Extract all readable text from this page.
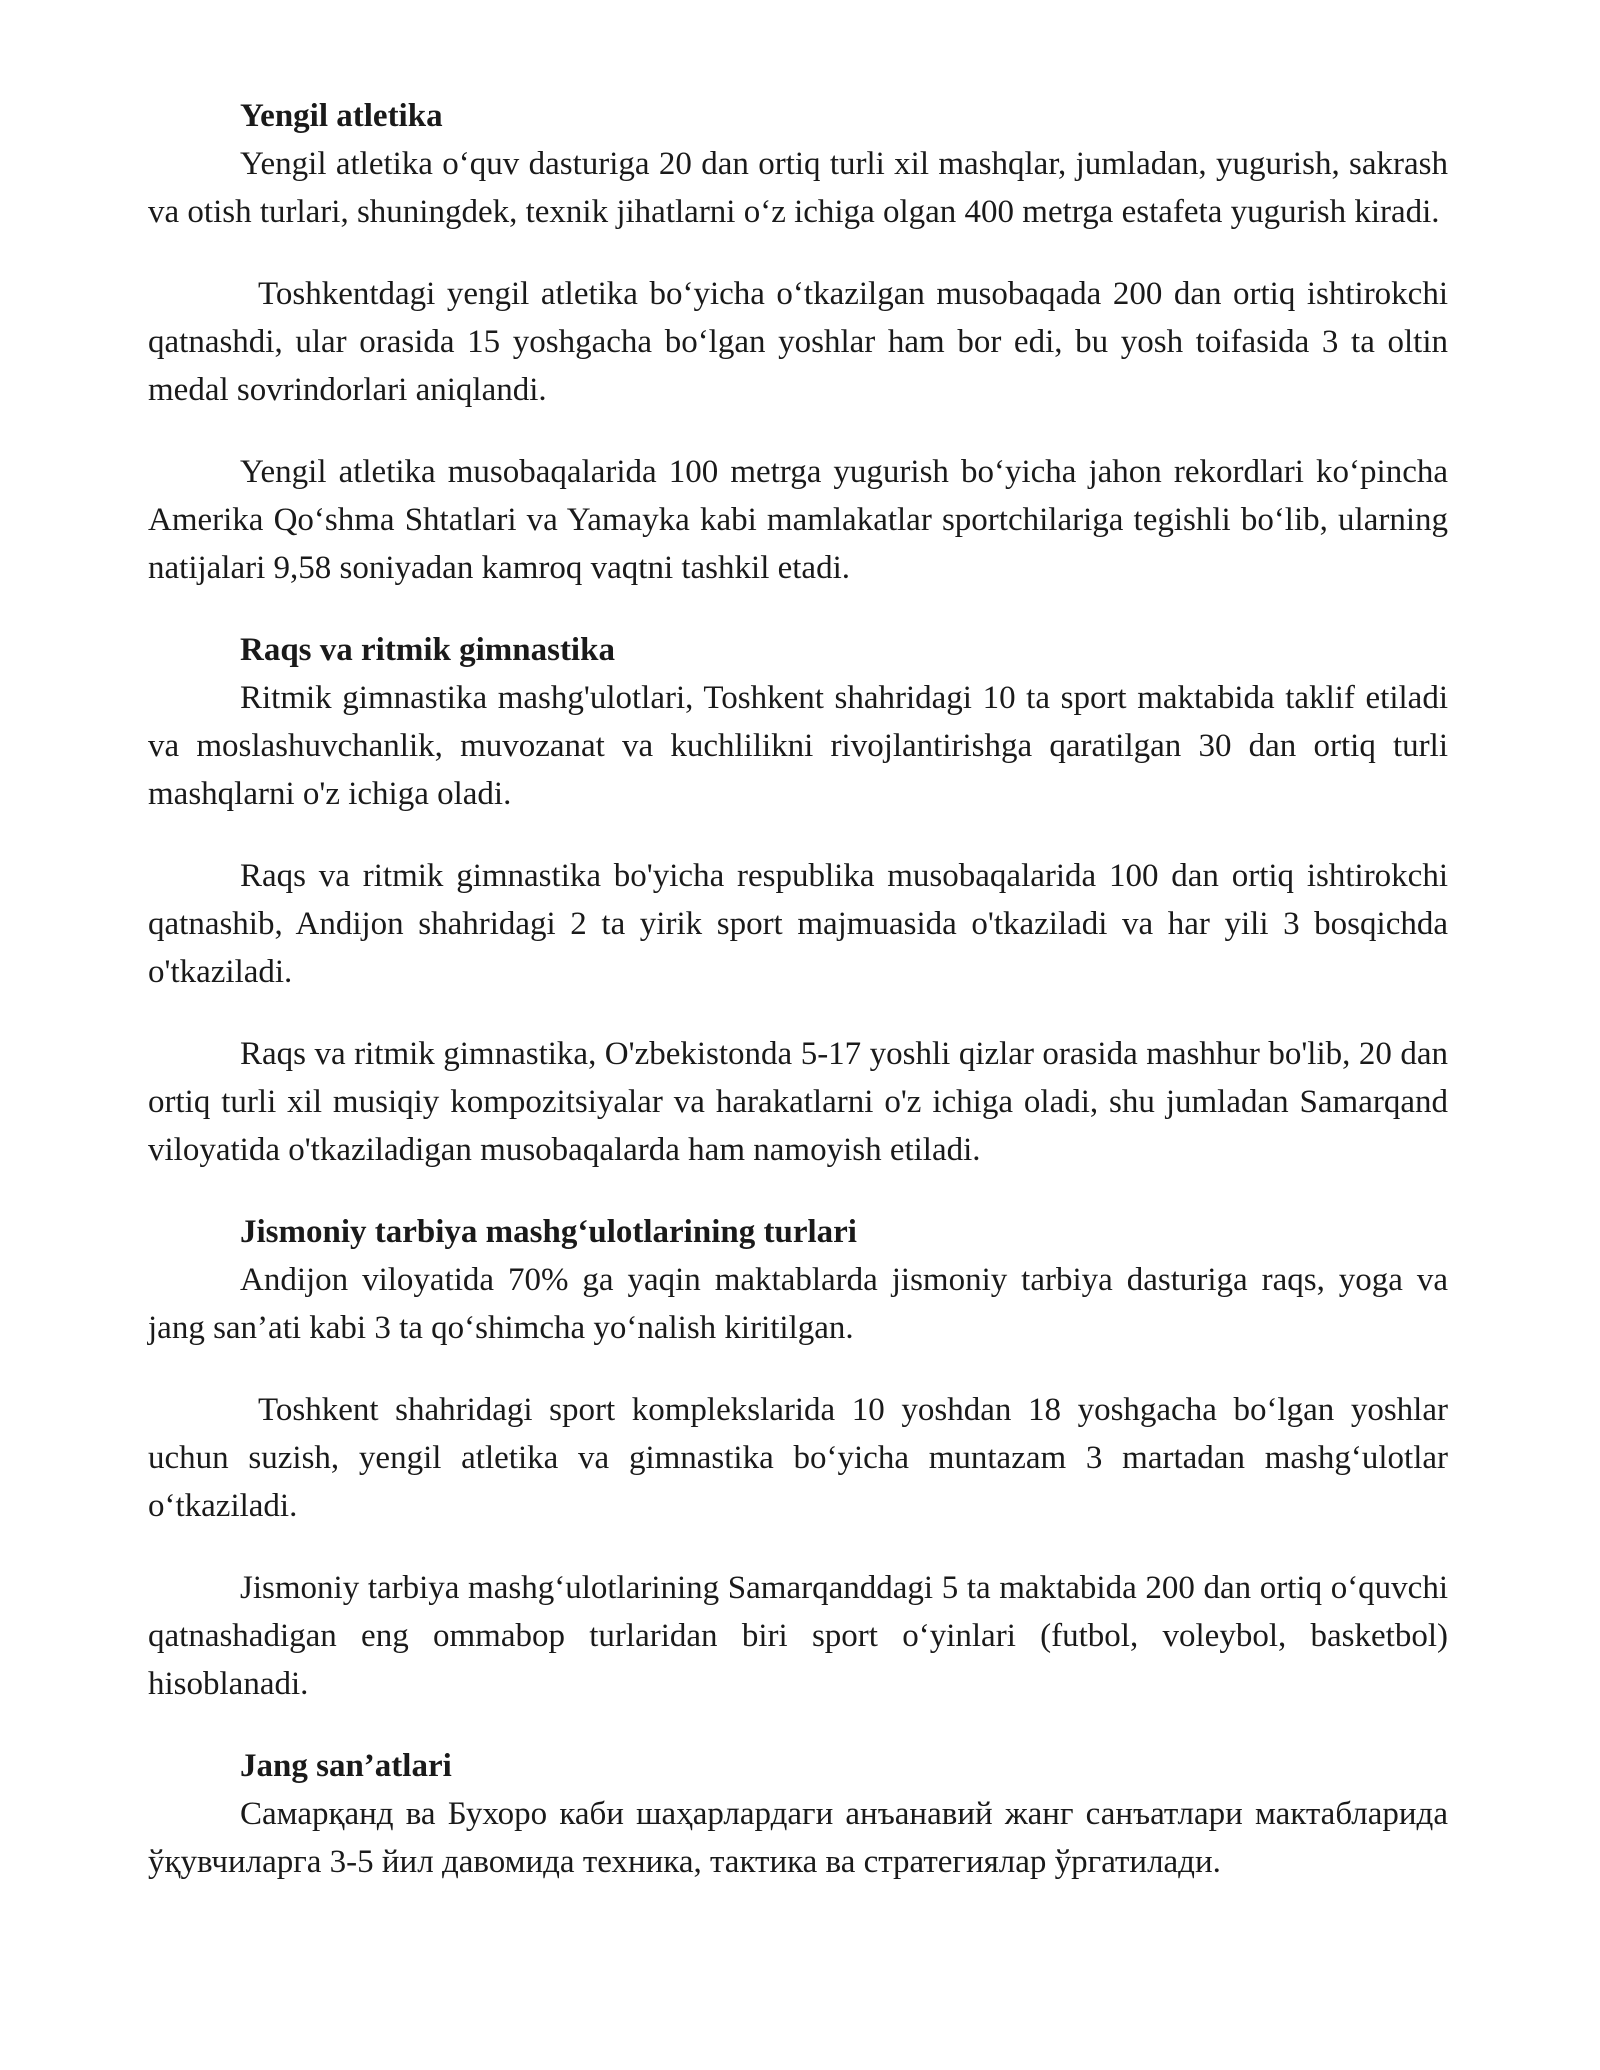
Yengil atletika

Yengil atletika o‘quv dasturiga 20 dan ortiq turli xil mashqlar, jumladan, yugurish, sakrash va otish turlari, shuningdek, texnik jihatlarni o‘z ichiga olgan 400 metrga estafeta yugurish kiradi.

Toshkentdagi yengil atletika bo‘yicha o‘tkazilgan musobaqada 200 dan ortiq ishtirokchi qatnashdi, ular orasida 15 yoshgacha bo‘lgan yoshlar ham bor edi, bu yosh toifasida 3 ta oltin medal sovrindorlari aniqlandi.

Yengil atletika musobaqalarida 100 metrga yugurish bo‘yicha jahon rekordlari ko‘pincha Amerika Qo‘shma Shtatlari va Yamayka kabi mamlakatlar sportchilariga tegishli bo‘lib, ularning natijalari 9,58 soniyadan kamroq vaqtni tashkil etadi.

Raqs va ritmik gimnastika

Ritmik gimnastika mashg'ulotlari, Toshkent shahridagi 10 ta sport maktabida taklif etiladi va moslashuvchanlik, muvozanat va kuchlilikni rivojlantirishga qaratilgan 30 dan ortiq turli mashqlarni o'z ichiga oladi.

Raqs va ritmik gimnastika bo'yicha respublika musobaqalarida 100 dan ortiq ishtirokchi qatnashib, Andijon shahridagi 2 ta yirik sport majmuasida o'tkaziladi va har yili 3 bosqichda o'tkaziladi.

Raqs va ritmik gimnastika, O'zbekistonda 5-17 yoshli qizlar orasida mashhur bo'lib, 20 dan ortiq turli xil musiqiy kompozitsiyalar va harakatlarni o'z ichiga oladi, shu jumladan Samarqand viloyatida o'tkaziladigan musobaqalarda ham namoyish etiladi.

Jismoniy tarbiya mashg‘ulotlarining turlari

Andijon viloyatida 70% ga yaqin maktablarda jismoniy tarbiya dasturiga raqs, yoga va jang san’ati kabi 3 ta qo‘shimcha yo‘nalish kiritilgan.

Toshkent shahridagi sport komplekslarida 10 yoshdan 18 yoshgacha bo‘lgan yoshlar uchun suzish, yengil atletika va gimnastika bo‘yicha muntazam 3 martadan mashg‘ulotlar o‘tkaziladi.

Jismoniy tarbiya mashg‘ulotlarining Samarqanddagi 5 ta maktabida 200 dan ortiq o‘quvchi qatnashadigan eng ommabop turlaridan biri sport o‘yinlari (futbol, voleybol, basketbol) hisoblanadi.

Jang san’atlari

Самарқанд ва Бухоро каби шаҳарлардаги анъанавий жанг санъатлари мактабларида ўқувчиларга 3-5 йил давомида техника, тактика ва стратегиялар ўргатилади.
